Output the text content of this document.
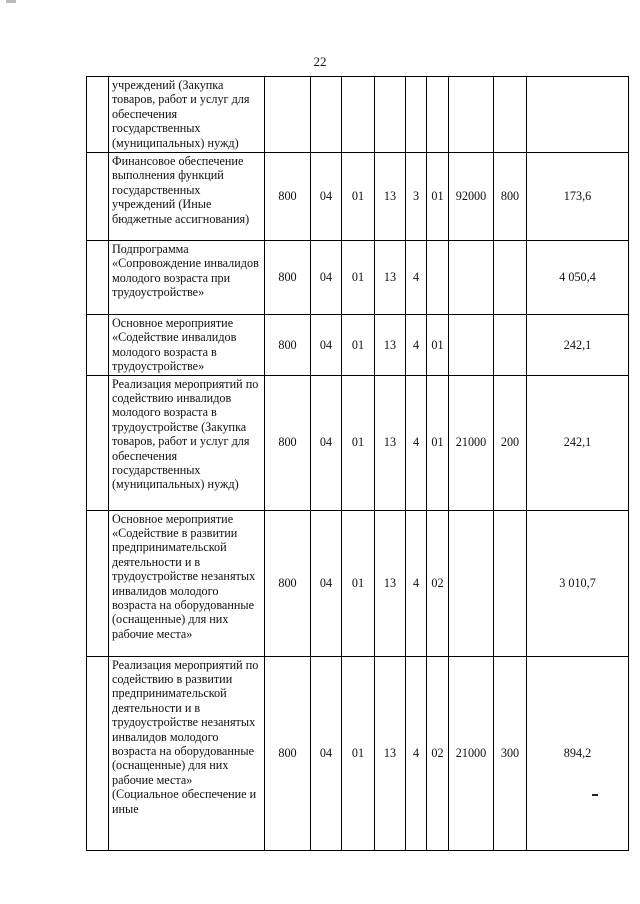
22
	учреждений (Закупка товаров, работ и услуг для обеспечения государственных (муниципальных) нужд)									
	Финансовое обеспечение выполнения функций государственных учреждений (Иные бюджетные ассигнования)	800	04	01	13	3	01	92000	800	173,6
	Подпрограмма «Сопровождение инвалидов молодого возраста при трудоустройстве»	800	04	01	13	4				4 050,4
	Основное мероприятие «Содействие инвалидов молодого возраста в трудоустройстве»	800	04	01	13	4	01			242,1
	Реализация мероприятий по содействию инвалидов молодого возраста в трудоустройстве (Закупка товаров, работ и услуг для обеспечения государственных (муниципальных) нужд)	800	04	01	13	4	01	21000	200	242,1
	Основное мероприятие «Содействие в развитии предпринимательской деятельности и в трудоустройстве незанятых инвалидов молодого возраста на оборудованные (оснащенные) для них рабочие места»	800	04	01	13	4	02			3 010,7
	Реализация мероприятий по содействию в развитии предпринимательской деятельности и в трудоустройстве незанятых инвалидов молодого возраста на оборудованные (оснащенные) для них рабочие места» (Социальное обеспечение и иные	800	04	01	13	4	02	21000	300	894,2
